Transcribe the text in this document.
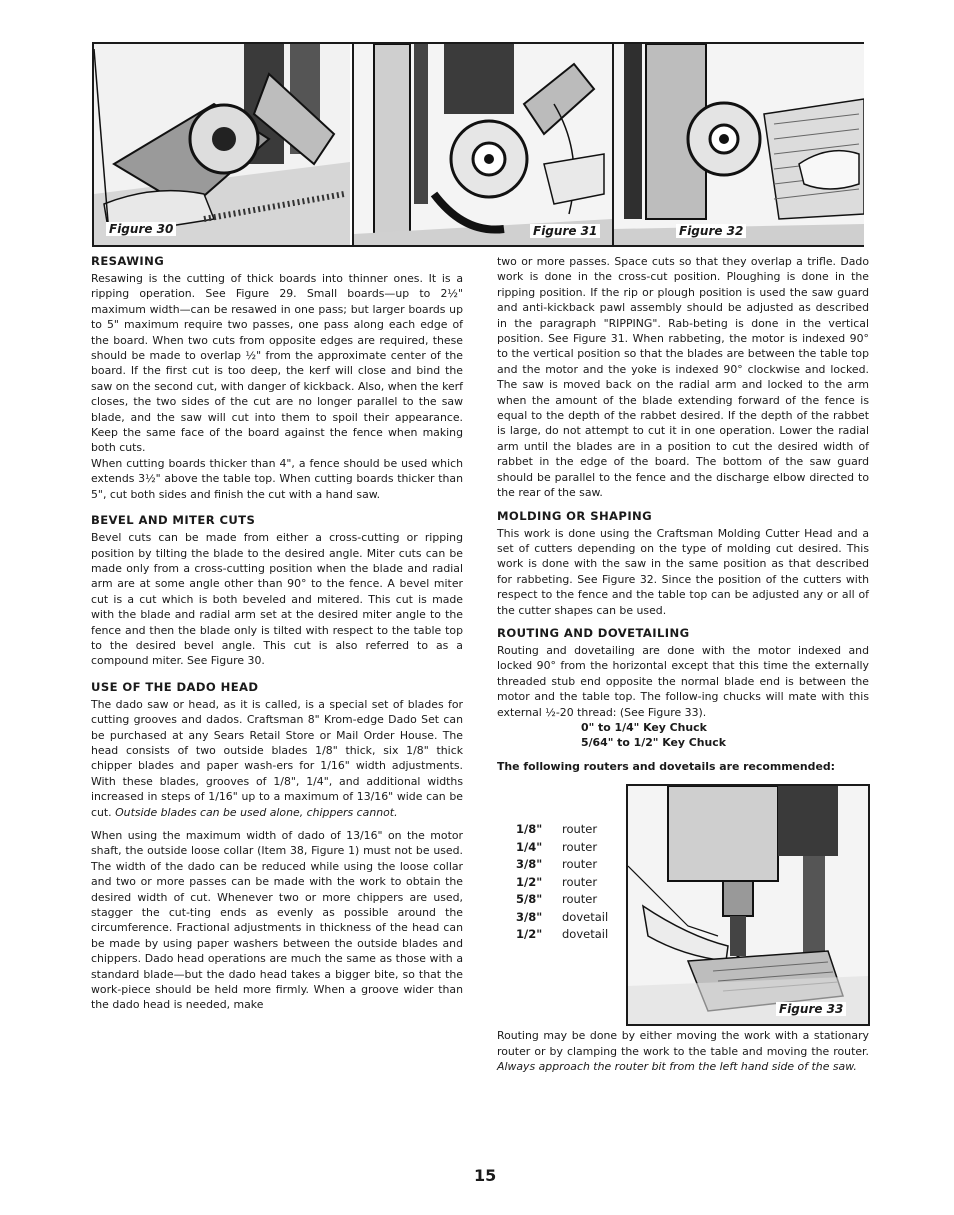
Figure 30	Figure 31	Figure 32
RESAWING

Resawing is the cutting of thick boards into thinner ones. It is a ripping operation. See Figure 29. Small boards—up to 2½" maximum width—can be resawed in one pass; but larger boards up to 5" maximum require two passes, one pass along each edge of the board. When two cuts from opposite edges are required, these should be made to overlap ½" from the approximate center of the board. If the first cut is too deep, the kerf will close and bind the saw on the second cut, with danger of kickback. Also, when the kerf closes, the two sides of the cut are no longer parallel to the saw blade, and the saw will cut into them to spoil their appearance. Keep the same face of the board against the fence when making both cuts.

When cutting boards thicker than 4", a fence should be used which extends 3½" above the table top. When cutting boards thicker than 5", cut both sides and finish the cut with a hand saw.

BEVEL AND MITER CUTS

Bevel cuts can be made from either a cross-cutting or ripping position by tilting the blade to the desired angle. Miter cuts can be made only from a cross-cutting position when the blade and radial arm are at some angle other than 90° to the fence. A bevel miter cut is a cut which is both beveled and mitered. This cut is made with the blade and radial arm set at the desired miter angle to the fence and then the blade only is tilted with respect to the table top to the desired bevel angle. This cut is also referred to as a compound miter. See Figure 30.

USE OF THE DADO HEAD

The dado saw or head, as it is called, is a special set of blades for cutting grooves and dados. Craftsman 8" Krom-edge Dado Set can be purchased at any Sears Retail Store or Mail Order House. The head consists of two outside blades 1/8" thick, six 1/8" thick chipper blades and paper wash-ers for 1/16" width adjustments. With these blades, grooves of 1/8", 1/4", and additional widths increased in steps of 1/16" up to a maximum of 13/16" wide can be cut. Outside blades can be used alone, chippers cannot.

When using the maximum width of dado of 13/16" on the motor shaft, the outside loose collar (Item 38, Figure 1) must not be used. The width of the dado can be reduced while using the loose collar and two or more passes can be made with the work to obtain the desired width of cut. Whenever two or more chippers are used, stagger the cut-ting ends as evenly as possible around the circumference. Fractional adjustments in thickness of the head can be made by using paper washers between the outside blades and chippers. Dado head operations are much the same as those with a standard blade—but the dado head takes a bigger bite, so that the work-piece should be held more firmly. When a groove wider than the dado head is needed, make

two or more passes. Space cuts so that they overlap a trifle. Dado work is done in the cross-cut position. Ploughing is done in the ripping position. If the rip or plough position is used the saw guard and anti-kickback pawl assembly should be adjusted as described in the paragraph "RIPPING". Rab-beting is done in the vertical position. See Figure 31. When rabbeting, the motor is indexed 90° to the vertical position so that the blades are between the table top and the motor and the yoke is indexed 90° clockwise and locked. The saw is moved back on the radial arm and locked to the arm when the amount of the blade extending forward of the fence is equal to the depth of the rabbet desired. If the depth of the rabbet is large, do not attempt to cut it in one operation. Lower the radial arm until the blades are in a position to cut the desired width of rabbet in the edge of the board. The bottom of the saw guard should be parallel to the fence and the discharge elbow directed to the rear of the saw.

MOLDING OR SHAPING

This work is done using the Craftsman Molding Cutter Head and a set of cutters depending on the type of molding cut desired. This work is done with the saw in the same position as that described for rabbeting. See Figure 32. Since the position of the cutters with respect to the fence and the table top can be adjusted any or all of the cutter shapes can be used.

ROUTING AND DOVETAILING

Routing and dovetailing are done with the motor indexed and locked 90° from the horizontal except that this time the externally threaded stub end opposite the normal blade end is between the motor and the table top. The follow-ing chucks will mate with this external ½-20 thread: (See Figure 33).

0" to 1/4" Key Chuck
5/64" to 1/2" Key Chuck

The following routers and dovetails are recommended:

1/8" router
1/4" router
3/8" router
1/2" router
5/8" router
3/8" dovetail
1/2" dovetail
Figure 33

Routing may be done by either moving the work with a stationary router or by clamping the work to the table and moving the router. Always approach the router bit from the left hand side of the saw.

15
